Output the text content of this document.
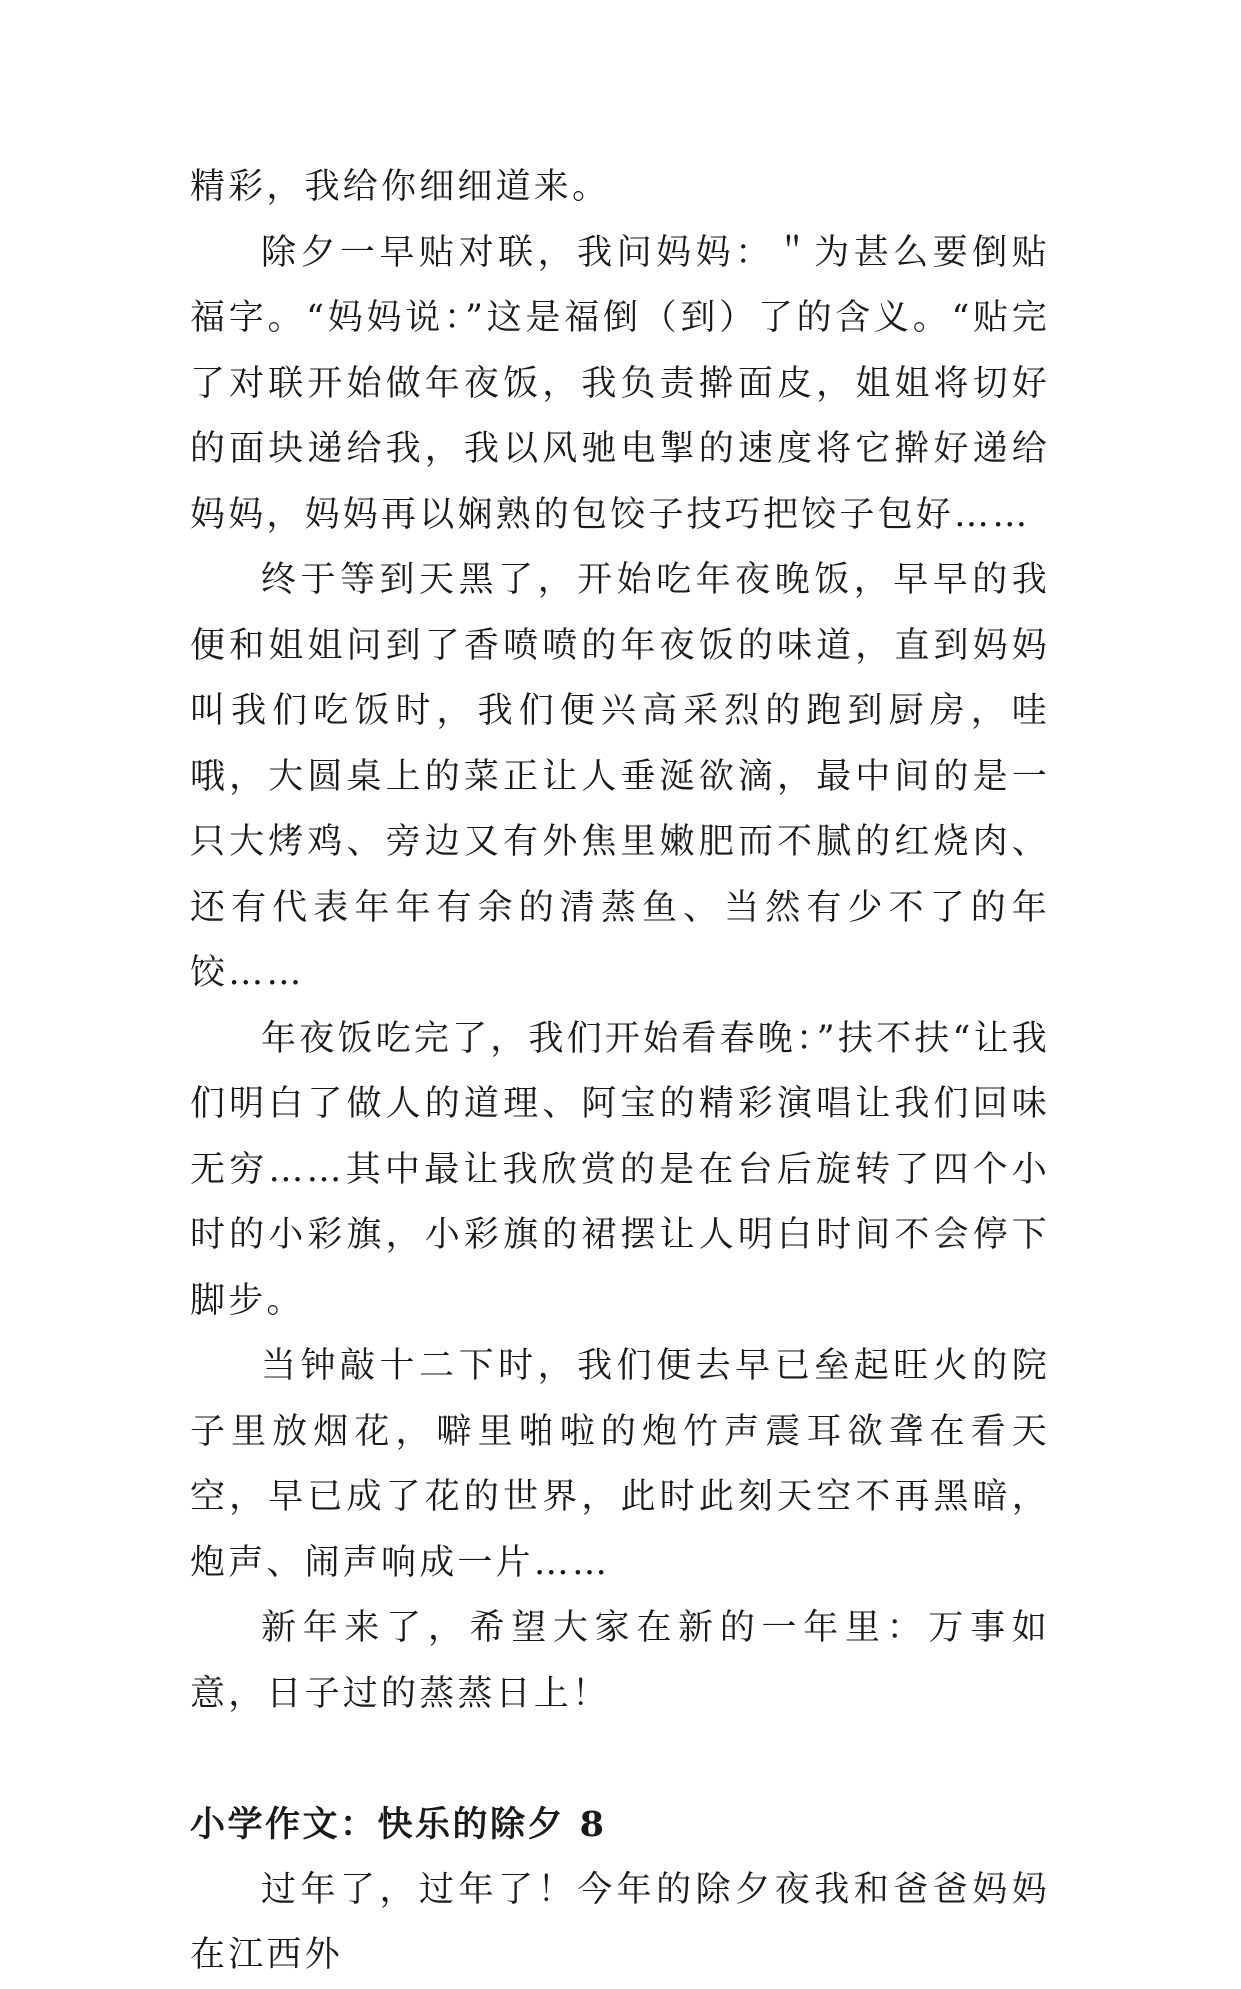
精彩，我给你细细道来。

除夕一早贴对联，我问妈妈：＂为甚么要倒贴福字。“妈妈说：”这是福倒（到）了的含义。“贴完了对联开始做年夜饭，我负责擀面皮，姐姐将切好的面块递给我，我以风驰电掣的速度将它擀好递给妈妈，妈妈再以娴熟的包饺子技巧把饺子包好……

终于等到天黑了，开始吃年夜晚饭，早早的我便和姐姐问到了香喷喷的年夜饭的味道，直到妈妈叫我们吃饭时，我们便兴高采烈的跑到厨房，哇哦，大圆桌上的菜正让人垂涎欲滴，最中间的是一只大烤鸡、旁边又有外焦里嫩肥而不腻的红烧肉、还有代表年年有余的清蒸鱼、当然有少不了的年饺……

年夜饭吃完了，我们开始看春晚：”扶不扶“让我们明白了做人的道理、阿宝的精彩演唱让我们回味无穷……其中最让我欣赏的是在台后旋转了四个小时的小彩旗，小彩旗的裙摆让人明白时间不会停下脚步。

当钟敲十二下时，我们便去早已垒起旺火的院子里放烟花，噼里啪啦的炮竹声震耳欲聋在看天空，早已成了花的世界，此时此刻天空不再黑暗，炮声、闹声响成一片……

新年来了，希望大家在新的一年里：万事如意，日子过的蒸蒸日上！

小学作文：快乐的除夕 8

过年了，过年了！今年的除夕夜我和爸爸妈妈在江西外
